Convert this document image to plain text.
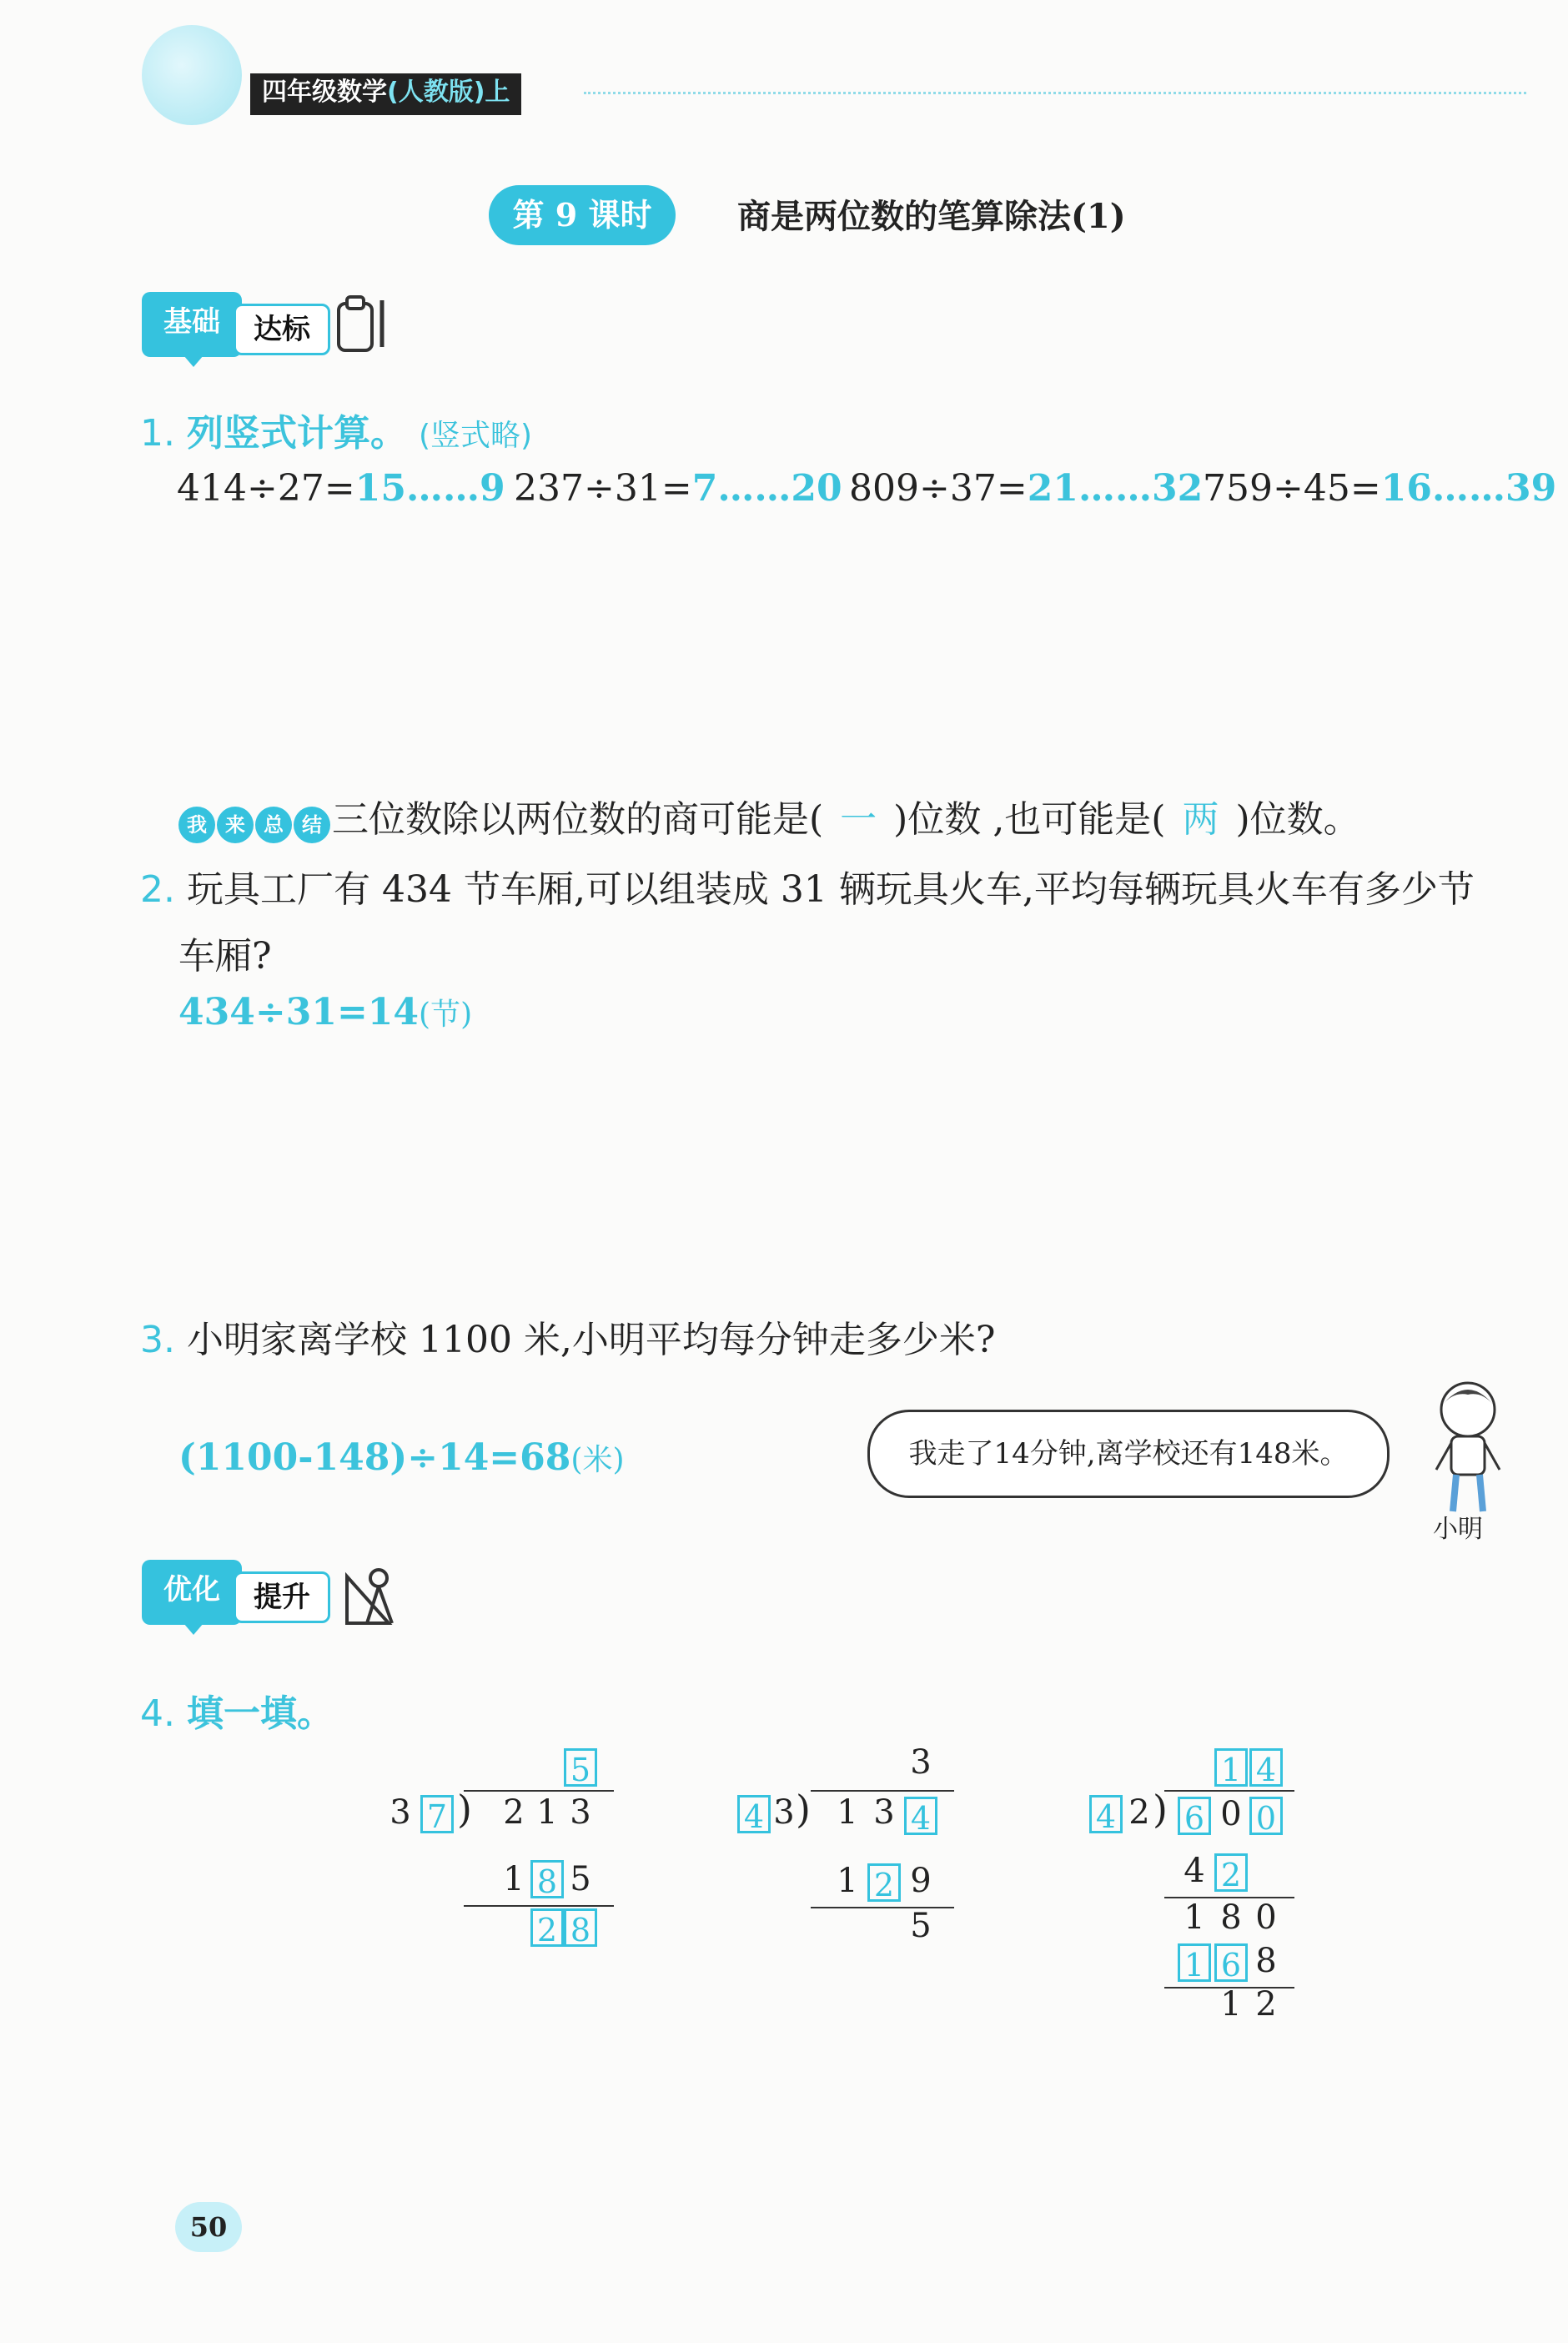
四年级数学(人教版)上
第 9 课时	商是两位数的笔算除法(1)
基础	达标
1. 列竖式计算。 (竖式略)
414÷27=15……9 237÷31=7……20 809÷37=21……32 759÷45=16……39
我 来 总 结 三位数除以两位数的商可能是( 一 )位数 ,也可能是( 两 )位数。
2. 玩具工厂有 434 节车厢,可以组装成 31 辆玩具火车,平均每辆玩具火车有多少节
车厢?
434÷31=14(节)
3. 小明家离学校 1100 米,小明平均每分钟走多少米?
(1100-148)÷14=68(米)	我走了14分钟,离学校还有148米。
小明
优化	提升
4. 填一填。
5
3 7 ) 2 1 3
1 8 5
2 8
3
4 3 ) 1 3 4
1 2 9
5
1 4
4 2 ) 6 0 0
4 2
1 8 0
1 6 8
1 2
50
